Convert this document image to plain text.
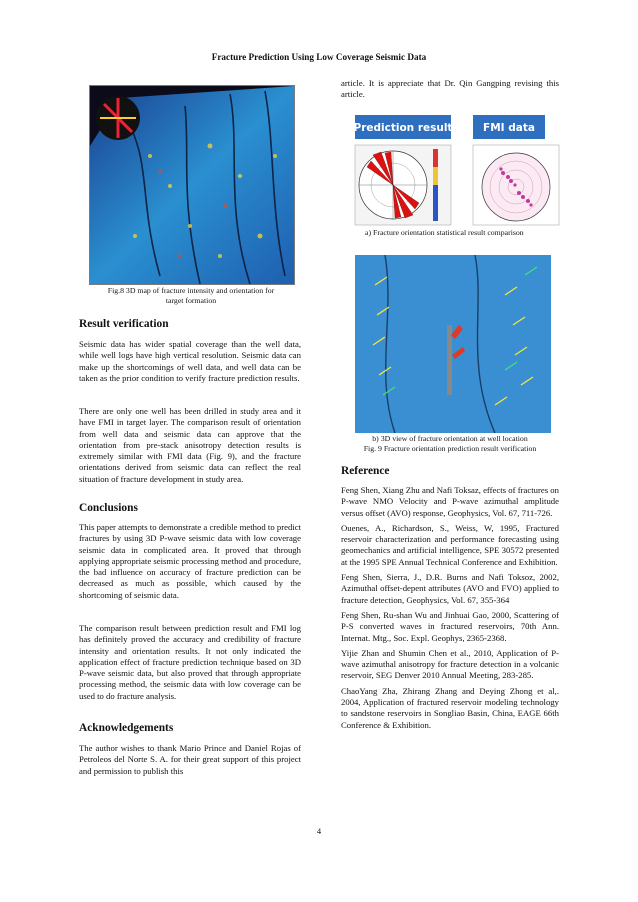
Fracture Prediction Using Low Coverage Seismic Data
Fig.8 3D map of fracture intensity and orientation for
target formation
Result verification

Seismic data has wider spatial coverage than the well data, while well logs have high vertical resolution. Seismic data can make up the shortcomings of well data, and well data can be taken as the prior condition to verify fracture prediction results.

There are only one well has been drilled in study area and it have FMI in target layer. The comparison result of orientation from well data and seismic data can approve that the orientation from pre-stack anisotropy detection results is extremely similar with FMI data (Fig. 9), and the fracture orientations derived from seismic data can reflect the real situation of fracture development in study area.

Conclusions

This paper attempts to demonstrate a credible method to predict fractures by using 3D P-wave seismic data with low coverage seismic data in complicated area. It proved that through applying appropriate seismic processing method and procedure, the bad influence on accuracy of fracture prediction can be decreased as much as possible, which caused by the shortcoming of seismic data.

The comparison result between prediction result and FMI log has definitely proved the accuracy and credibility of fracture intensity and orientation results. It not only indicated the application effect of fracture prediction technique based on 3D P-wave seismic data, but also proved that through appropriate processing method, the seismic data with low coverage can be used to do fracture analysis.

Acknowledgements

The author wishes to thank Mario Prince and Daniel Rojas of Petroleos del Norte S. A. for their great support of this project and permission to publish this

article. It is appreciate that Dr. Qin Gangping revising this article.

Prediction result	FMI data
a) Fracture orientation statistical result comparison
b) 3D view of fracture orientation at well location
Fig. 9 Fracture orientation prediction result verification
Reference

Feng Shen, Xiang Zhu and Nafi Toksaz, effects of fractures on P-wave NMO Velocity and P-wave azimuthal amplitude versus offset (AVO) response, Geophysics, Vol. 67, 711-726.

Ouenes, A., Richardson, S., Weiss, W, 1995, Fractured reservoir characterization and performance forecasting using geomechanics and artificial intelligence, SPE 30572 presented at the 1995 SPE Annual Technical Conference and Exhibition.

Feng Shen, Sierra, J., D.R. Burns and Nafi Toksoz, 2002, Azimuthal offset-depent attributes (AVO and FVO) applied to fracture detection, Geophysics, Vol. 67, 355-364

Feng Shen, Ru-shan Wu and Jinhuai Gao, 2000, Scattering of P-S converted waves in fractured reservoirs, 70th Ann. Internat. Mtg., Soc. Expl. Geophys, 2365-2368.

Yijie Zhan and Shumin Chen et al., 2010, Application of P-wave azimuthal anisotropy for fracture detection in a volcanic reservoir, SEG Denver 2010 Annual Meeting, 283-285.

ChaoYang Zha, Zhirang Zhang and Deying Zhong et al,. 2004, Application of fractured reservoir modeling technology to sandstone reservoirs in Songliao Basin, China, EAGE 66th Conference & Exhibition.

4
